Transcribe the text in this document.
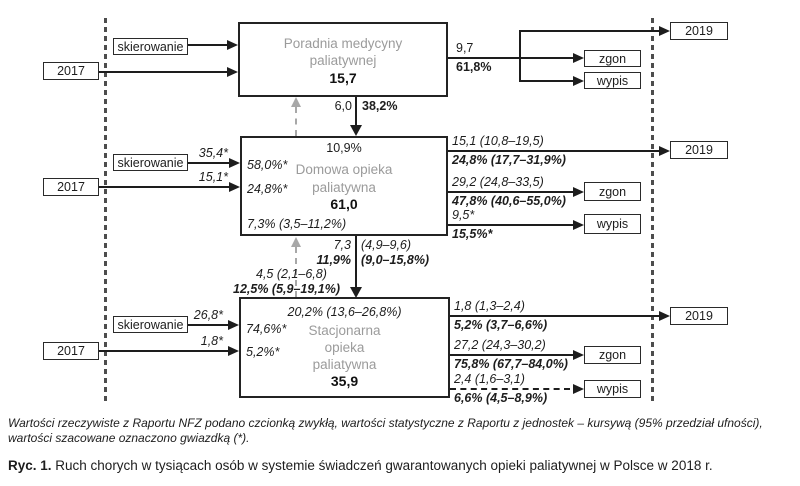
Poradnia medycyny
paliatywnej
15,7
10,9%
58,0%* Domowa opieka
24,8%*	paliatywna
61,0
7,3% (3,5–11,2%)
20,2% (13,6–26,8%)
74,6%*	Stacjonarna
opieka
5,2%*
paliatywna
35,9
2017
2017
2017
skierowanie
skierowanie
skierowanie
2019
2019
2019
zgon
wypis
zgon
wypis
zgon
wypis
9,7
61,8%
6,0 38,2%
35,4*
15,1*
15,1 (10,8–19,5)
24,8% (17,7–31,9%)
29,2 (24,8–33,5)
47,8% (40,6–55,0%)
9,5*
15,5%*
7,3 (4,9–9,6)
11,9% (9,0–15,8%)
4,5 (2,1–6,8)
12,5% (5,9–19,1%)
26,8*
1,8*
1,8 (1,3–2,4)
5,2% (3,7–6,6%)
27,2 (24,3–30,2)
75,8% (67,7–84,0%)
2,4 (1,6–3,1)
6,6% (4,5–8,9%)
Wartości rzeczywiste z Raportu NFZ podano czcionką zwykłą, wartości statystyczne z Raportu z jednostek – kursywą (95% przedział ufności),
wartości szacowane oznaczono gwiazdką (*).
Ryc. 1. Ruch chorych w tysiącach osób w systemie świadczeń gwarantowanych opieki paliatywnej w Polsce w 2018 r.
